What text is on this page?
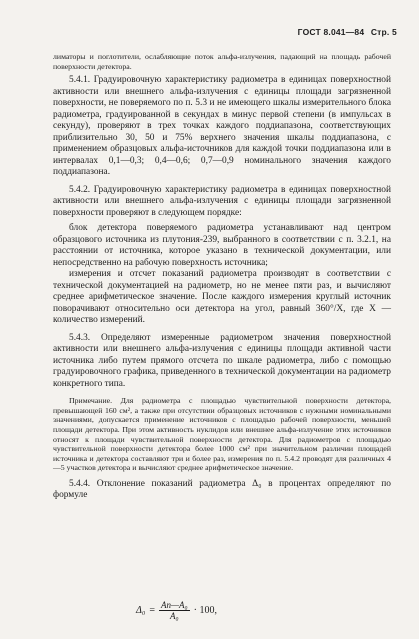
ГОСТ 8.041—84 Стр. 5

лиматоры и поглотители, ослабляющие поток альфа-излучения, падающий на площадь рабочей поверхности детектора.

5.4.1. Градуировочную характеристику радиометра в единицах поверхностной активности или внешнего альфа-излучения с единицы площади загрязненной поверхности, не поверяемого по п. 5.3 и не имеющего шкалы измерительного блока радиометра, градуированной в секундах в минус первой степени (в импульсах в секунду), проверяют в трех точках каждого поддиапазона, соответствующих приблизительно 30, 50 и 75% верхнего значения шкалы поддиапазона, с применением образцовых альфа-источников для каждой точки поддиапазона или в интервалах 0,1—0,3; 0,4—0,6; 0,7—0,9 номинального значения каждого поддиапазона.

5.4.2. Градуировочную характеристику радиометра в единицах поверхностной активности или внешнего альфа-излучения с единицы площади загрязненной поверхности проверяют в следующем порядке:

блок детектора поверяемого радиометра устанавливают над центром образцового источника из плутония-239, выбранного в соответствии с п. 3.2.1, на расстоянии от источника, которое указано в технической документации, или непосредственно на рабочую поверхность источника;

измерения и отсчет показаний радиометра производят в соответствии с технической документацией на радиометр, но не менее пяти раз, и вычисляют среднее арифметическое значение. После каждого измерения круглый источник поворачивают относительно оси детектора на угол, равный 360°/X, где X — количество измерений.

5.4.3. Определяют измеренные радиометром значения поверхностной активности или внешнего альфа-излучения с единицы площади активной части источника либо путем прямого отсчета по шкале радиометра, либо с помощью градуировочного графика, приведенного в технической документации на радиометр конкретного типа.

Примечание. Для радиометра с площадью чувствительной поверхности детектора, превышающей 160 см², а также при отсутствии образцовых источников с нужными номинальными значениями, допускается применение источников с площадью рабочей поверхности, меньшей площади детектора. При этом активность нуклидов или внешнее альфа-излучение этих источников относят к площади чувствительной поверхности детектора. Для радиометров с площадью чувствительной поверхности детектора более 1000 см² при значительном различии площадей источника и детектора составляют три и более раз, измерения по п. 5.4.2 проводят для различных 4—5 участков детектора и вычисляют среднее арифметическое значение.

5.4.4. Отклонение показаний радиометра Δ₀ в процентах определяют по формуле

$\Delta_0 = \frac{\text{Aп—A₀}}{\text{A₀}} \cdot 100$,
